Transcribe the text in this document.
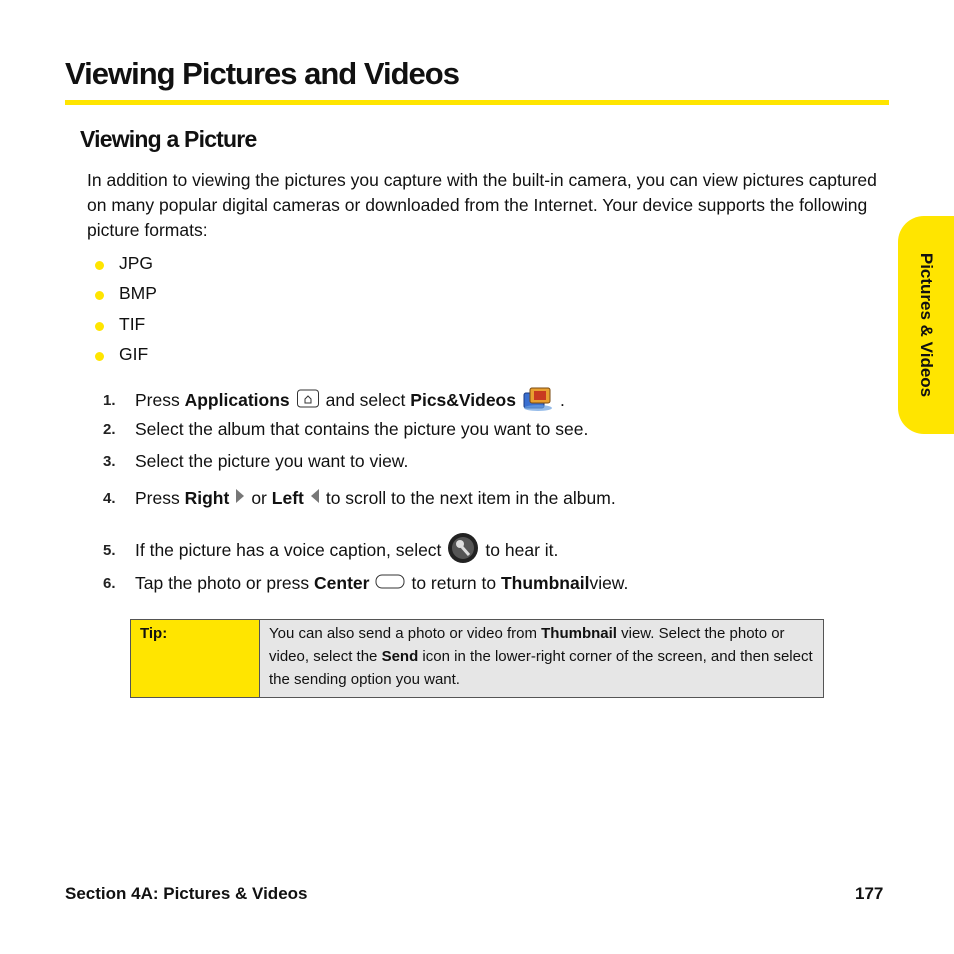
Viewing Pictures and Videos
Viewing a Picture

In addition to viewing the pictures you capture with the built-in camera, you can view pictures captured on many popular digital cameras or downloaded from the Internet. Your device supports the following picture formats:

JPG
BMP
TIF
GIF
1.	Press
Applications and select
Pics&Videos	.
2.	Select the album that contains the picture you want to see.
3.	Select the picture you want to view.
4.	Press
Right or
Left to scroll to the next item in the album.
5.	If the picture has a voice caption, select	to hear it.
6.	Tap the photo or press
Center to return to
Thumbnail view.
Tip:	You can also send a photo or video from Thumbnail view. Select the photo or video, select the Send icon in the lower-right corner of the screen, and then select the sending option you want.
Pictures & Videos
Section 4A: Pictures & Videos	177
